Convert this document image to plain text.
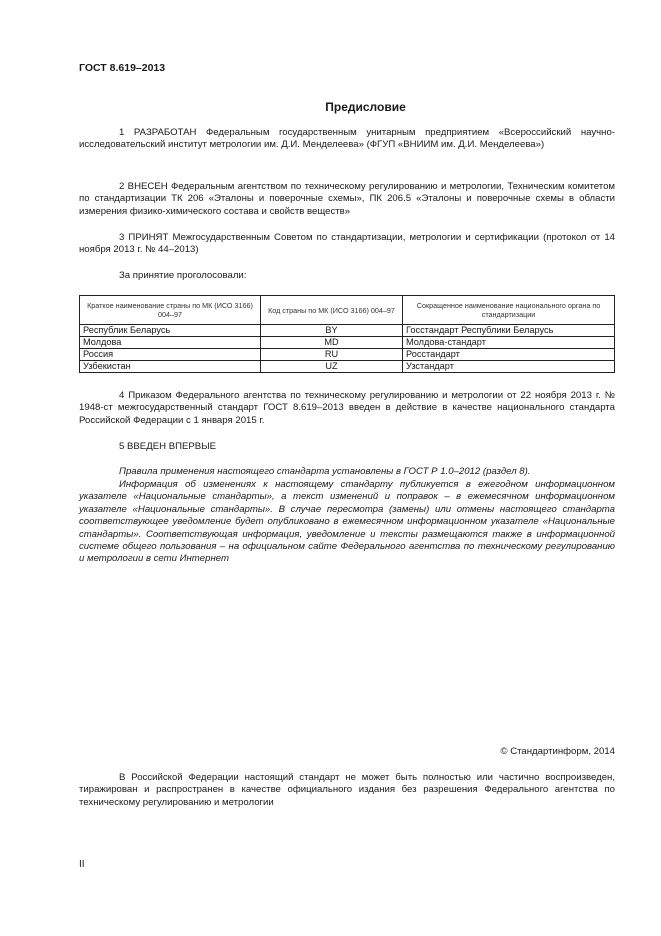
ГОСТ 8.619–2013
Предисловие

1 РАЗРАБОТАН Федеральным государственным унитарным предприятием «Всероссийский научно-исследовательский институт метрологии им. Д.И. Менделеева» (ФГУП «ВНИИМ им. Д.И. Менделеева»)

2 ВНЕСЕН Федеральным агентством по техническому регулированию и метрологии, Техническим комитетом по стандартизации ТК 206 «Эталоны и поверочные схемы», ПК 206.5 «Эталоны и поверочные схемы в области измерения физико-химического состава и свойств веществ»

3 ПРИНЯТ Межгосударственным Советом по стандартизации, метрологии и сертификации (протокол от 14 ноября 2013 г. № 44–2013)

За принятие проголосовали:
Краткое наименование страны по МК (ИСО 3166) 004–97	Код страны по МК (ИСО 3166) 004–97	Сокращенное наименование национального органа по стандартизации
Республик Беларусь	BY	Госстандарт Республики Беларусь
Молдова	MD	Молдова-стандарт
Россия	RU	Росстандарт
Узбекистан	UZ	Узстандарт

4 Приказом Федерального агентства по техническому регулированию и метрологии от 22 ноября 2013 г. № 1948-ст межгосударственный стандарт ГОСТ 8.619–2013 введен в действие в качестве национального стандарта Российской Федерации с 1 января 2015 г.

5 ВВЕДЕН ВПЕРВЫЕ

Правила применения настоящего стандарта установлены в ГОСТ Р 1.0–2012 (раздел 8).

Информация об изменениях к настоящему стандарту публикуется в ежегодном информационном указателе «Национальные стандарты», а текст изменений и поправок – в ежемесячном информационном указателе «Национальные стандарты». В случае пересмотра (замены) или отмены настоящего стандарта соответствующее уведомление будет опубликовано в ежемесячном информационном указателе «Национальные стандарты». Соответствующая информация, уведомление и тексты размещаются также в информационной системе общего пользования – на официальном сайте Федерального агентства по техническому регулированию и метрологии в сети Интернет

© Стандартинформ, 2014

В Российской Федерации настоящий стандарт не может быть полностью или частично воспроизведен, тиражирован и распространен в качестве официального издания без разрешения Федерального агентства по техническому регулированию и метрологии

II
